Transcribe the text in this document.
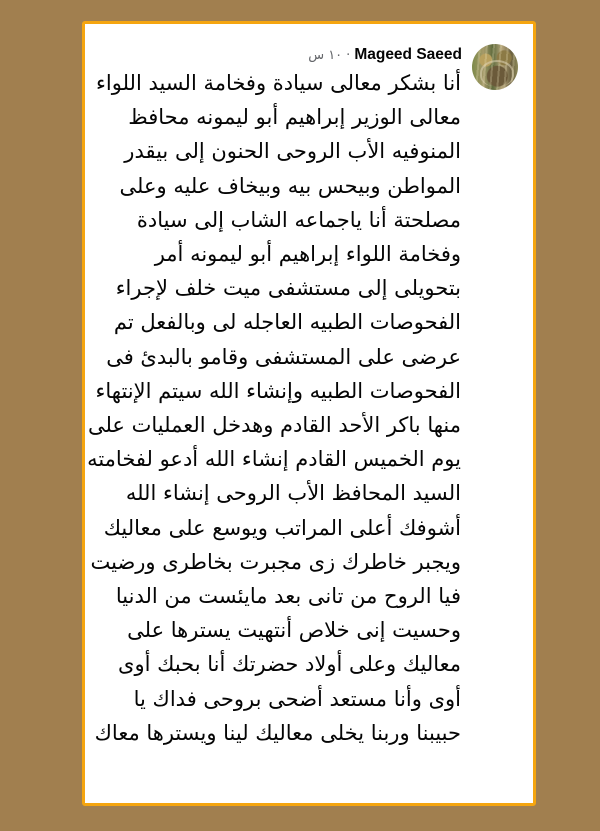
١٠ س · Mageed Saeed
أنا بشكر معالى سيادة وفخامة السيد اللواء
معالى الوزير إبراهيم أبو ليمونه محافظ
المنوفيه الأب الروحى الحنون إلى بيقدر
المواطن وبيحس بيه وبيخاف عليه وعلى
مصلحتة أنا ياجماعه الشاب إلى سيادة
وفخامة اللواء إبراهيم أبو ليمونه أمر
بتحويلى إلى مستشفى ميت خلف لإجراء
الفحوصات الطبيه العاجله لى وبالفعل تم
عرضى على المستشفى وقامو بالبدئ فى
الفحوصات الطبيه وإنشاء الله سيتم الإنتهاء
منها باكر الأحد القادم وهدخل العمليات على
يوم الخميس القادم إنشاء الله أدعو لفخامته
السيد المحافظ الأب الروحى إنشاء الله
أشوفك أعلى المراتب ويوسع على معاليك
ويجبر خاطرك زى مجبرت بخاطرى ورضيت
فيا الروح من تانى بعد مايئست من الدنيا
وحسيت إنى خلاص أنتهيت يسترها على
معاليك وعلى أولاد حضرتك أنا بحبك أوى
أوى وأنا مستعد أضحى بروحى فداك يا
حبيبنا وربنا يخلى معاليك لينا ويسترها معاك
